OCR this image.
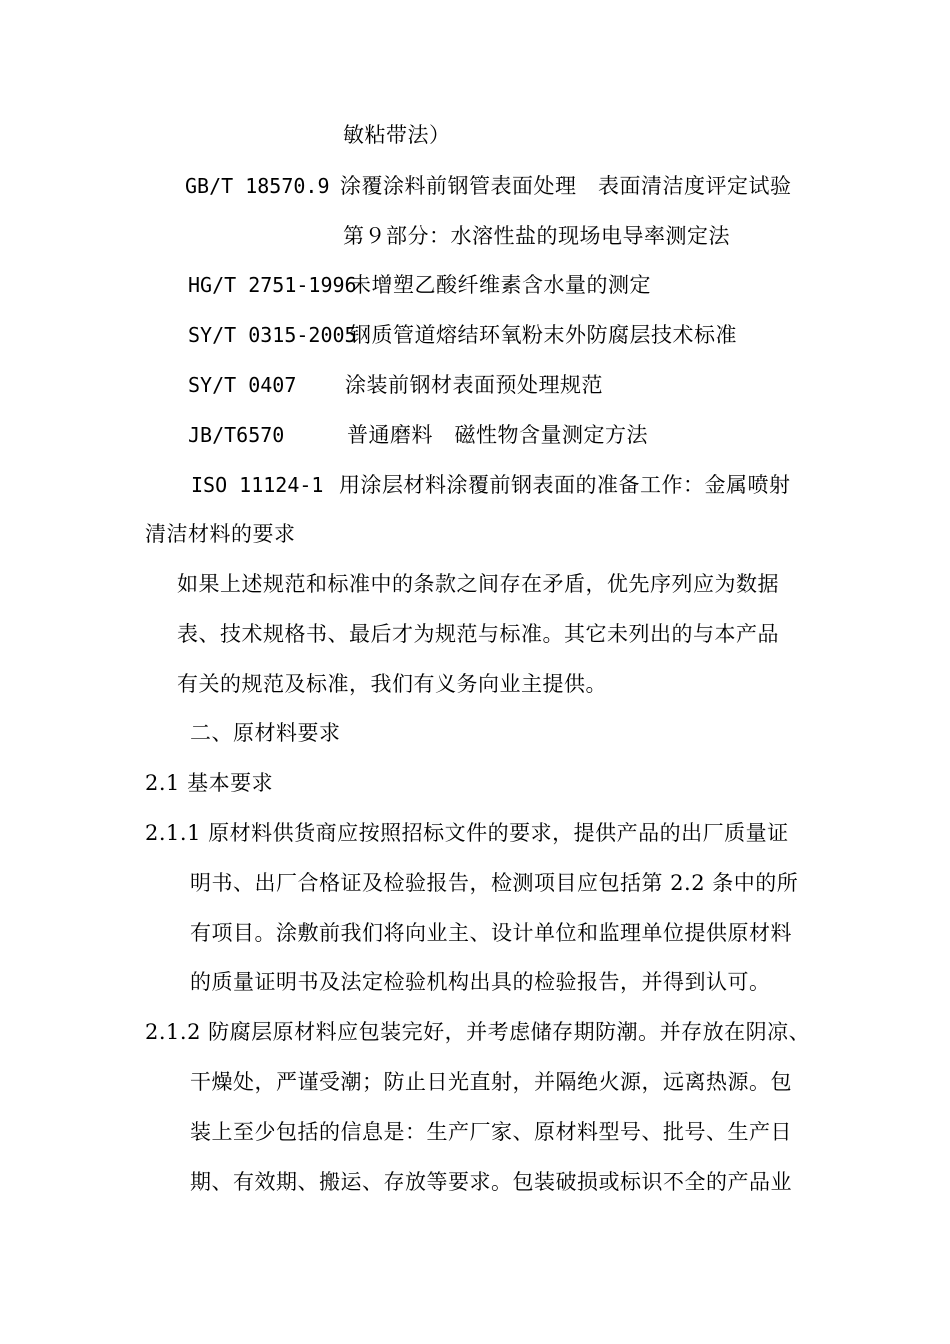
敏粘带法）
GB/T 18570.9 涂覆涂料前钢管表面处理　表面清洁度评定试验
第９部分：水溶性盐的现场电导率测定法
HG/T 2751-1996
未增塑乙酸纤维素含水量的测定
SY/T 0315-2005
钢质管道熔结环氧粉末外防腐层技术标准
SY/T 0407 涂装前钢材表面预处理规范
JB/T6570	普通磨料　磁性物含量测定方法
ISO 11124-1 用涂层材料涂覆前钢表面的准备工作：金属喷射
清洁材料的要求
如果上述规范和标准中的条款之间存在矛盾，优先序列应为数据
表、技术规格书、最后才为规范与标准。其它未列出的与本产品
有关的规范及标准，我们有义务向业主提供。
二、原材料要求
2.1 基本要求
2.1.1 原材料供货商应按照招标文件的要求，提供产品的出厂质量证
明书、出厂合格证及检验报告，检测项目应包括第 2.2 条中的所
有项目。涂敷前我们将向业主、设计单位和监理单位提供原材料
的质量证明书及法定检验机构出具的检验报告，并得到认可。
2.1.2 防腐层原材料应包装完好，并考虑储存期防潮。并存放在阴凉、
干燥处，严谨受潮；防止日光直射，并隔绝火源，远离热源。包
装上至少包括的信息是：生产厂家、原材料型号、批号、生产日
期、有效期、搬运、存放等要求。包装破损或标识不全的产品业
